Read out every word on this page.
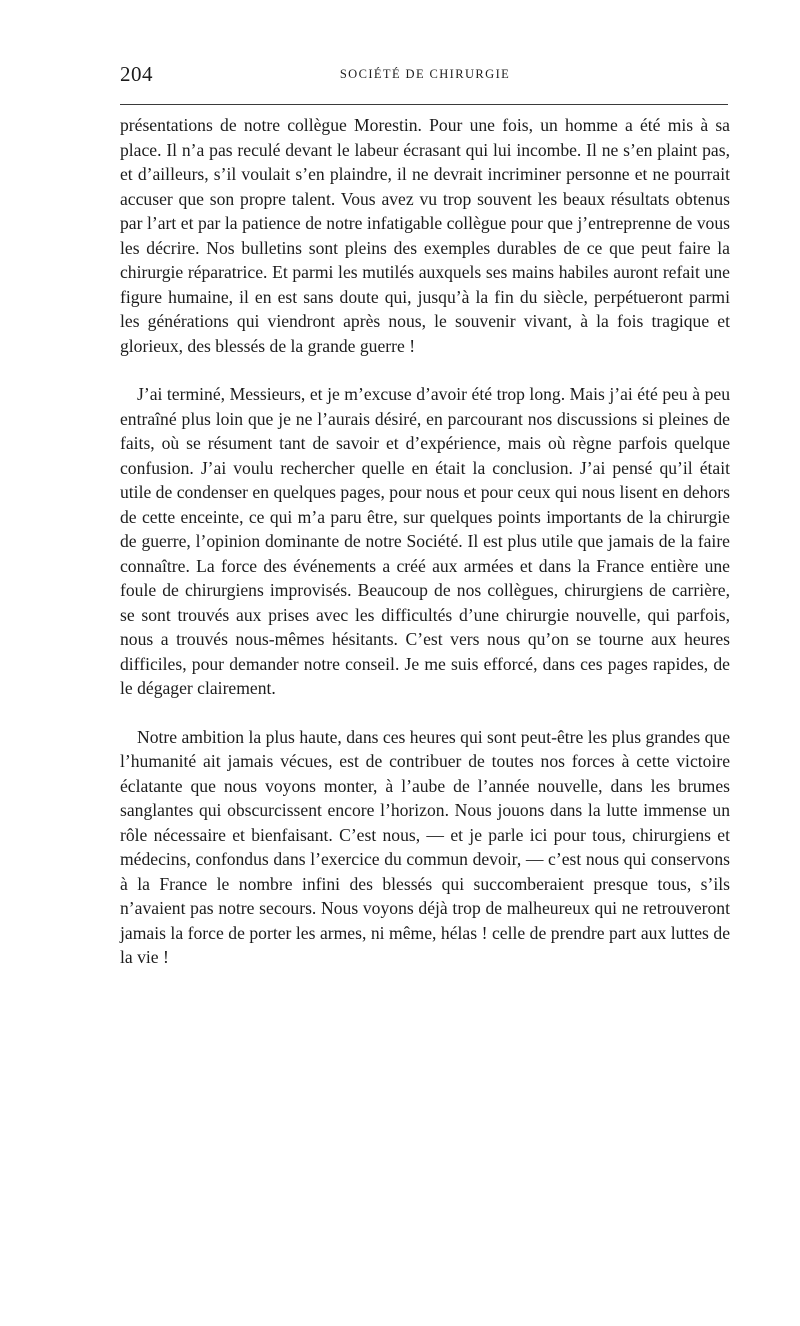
204	SOCIÉTÉ DE CHIRURGIE

présentations de notre collègue Morestin. Pour une fois, un homme a été mis à sa place. Il n’a pas reculé devant le labeur écrasant qui lui incombe. Il ne s’en plaint pas, et d’ailleurs, s’il voulait s’en plaindre, il ne devrait incriminer personne et ne pourrait accuser que son propre talent. Vous avez vu trop souvent les beaux résultats obtenus par l’art et par la patience de notre infatigable collègue pour que j’entreprenne de vous les décrire. Nos bulletins sont pleins des exemples durables de ce que peut faire la chirurgie réparatrice. Et parmi les mutilés auxquels ses mains habiles auront refait une figure humaine, il en est sans doute qui, jusqu’à la fin du siècle, perpétueront parmi les générations qui viendront après nous, le souvenir vivant, à la fois tragique et glorieux, des blessés de la grande guerre !

J’ai terminé, Messieurs, et je m’excuse d’avoir été trop long. Mais j’ai été peu à peu entraîné plus loin que je ne l’aurais désiré, en parcourant nos discussions si pleines de faits, où se résument tant de savoir et d’expérience, mais où règne parfois quelque confusion. J’ai voulu rechercher quelle en était la conclusion. J’ai pensé qu’il était utile de condenser en quelques pages, pour nous et pour ceux qui nous lisent en dehors de cette enceinte, ce qui m’a paru être, sur quelques points importants de la chirurgie de guerre, l’opinion dominante de notre Société. Il est plus utile que jamais de la faire connaître. La force des événements a créé aux armées et dans la France entière une foule de chirurgiens improvisés. Beaucoup de nos collègues, chirurgiens de carrière, se sont trouvés aux prises avec les difficultés d’une chirurgie nouvelle, qui parfois, nous a trouvés nous-mêmes hésitants. C’est vers nous qu’on se tourne aux heures difficiles, pour demander notre conseil. Je me suis efforcé, dans ces pages rapides, de le dégager clairement.

Notre ambition la plus haute, dans ces heures qui sont peut-être les plus grandes que l’humanité ait jamais vécues, est de contribuer de toutes nos forces à cette victoire éclatante que nous voyons monter, à l’aube de l’année nouvelle, dans les brumes sanglantes qui obscurcissent encore l’horizon. Nous jouons dans la lutte immense un rôle nécessaire et bienfaisant. C’est nous, — et je parle ici pour tous, chirurgiens et médecins, confondus dans l’exercice du commun devoir, — c’est nous qui conservons à la France le nombre infini des blessés qui succomberaient presque tous, s’ils n’avaient pas notre secours. Nous voyons déjà trop de malheureux qui ne retrouveront jamais la force de porter les armes, ni même, hélas ! celle de prendre part aux luttes de la vie !
